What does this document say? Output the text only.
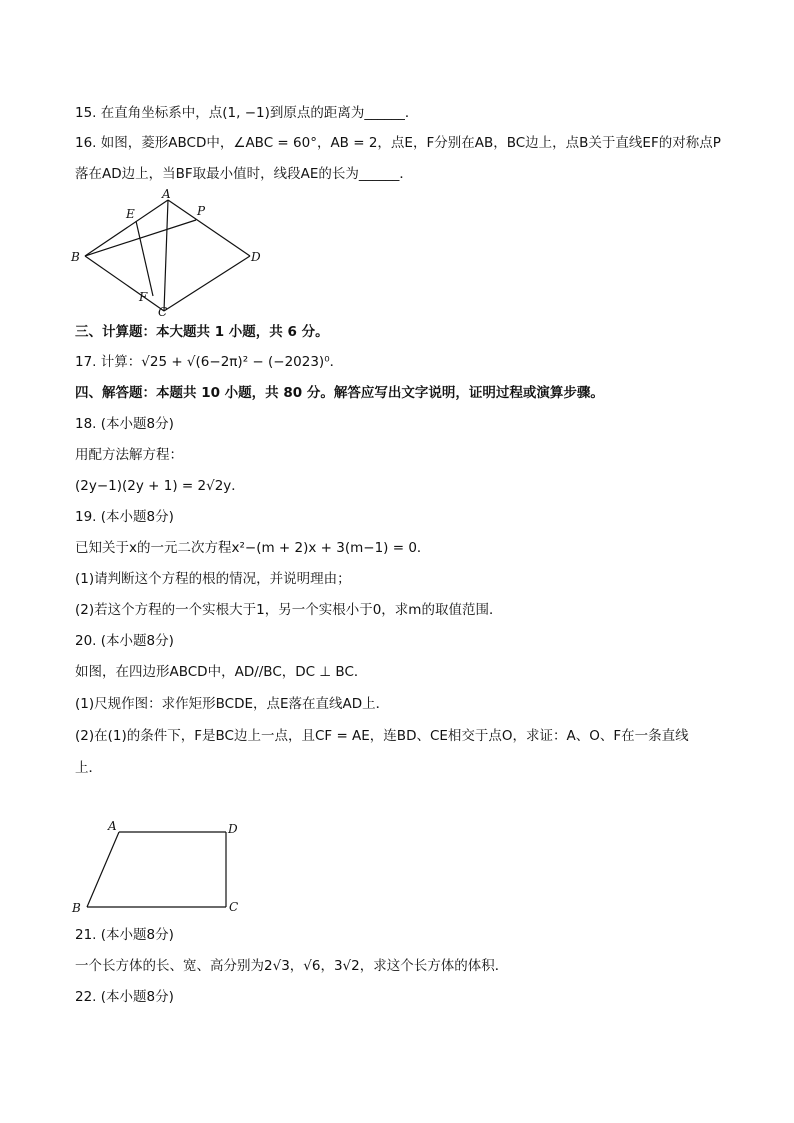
15. 在直角坐标系中，点(1, −1)到原点的距离为______．
16. 如图，菱形ABCD中，∠ABC = 60°，AB = 2，点E，F分别在AB，BC边上，点B关于直线EF的对称点P
落在AD边上，当BF取最小值时，线段AE的长为______．
A
E	P
B	D
F
C
三、计算题：本大题共 1 小题，共 6 分。
17. 计算：√25 + √(6−2π)² − (−2023)⁰．
四、解答题：本题共 10 小题，共 80 分。解答应写出文字说明，证明过程或演算步骤。
18. (本小题8分)
用配方法解方程：
(2y−1)(2y + 1) = 2√2y．
19. (本小题8分)
已知关于x的一元二次方程x²−(m + 2)x + 3(m−1) = 0．
(1)请判断这个方程的根的情况，并说明理由；
(2)若这个方程的一个实根大于1，另一个实根小于0，求m的取值范围．
20. (本小题8分)
如图，在四边形ABCD中，AD//BC，DC ⊥ BC．
(1)尺规作图：求作矩形BCDE，点E落在直线AD上．
(2)在(1)的条件下，F是BC边上一点，且CF = AE，连BD、CE相交于点O，求证：A、O、F在一条直线
上．
A	D
B	C
21. (本小题8分)
一个长方体的长、宽、高分别为2√3，√6，3√2，求这个长方体的体积．
22. (本小题8分)
